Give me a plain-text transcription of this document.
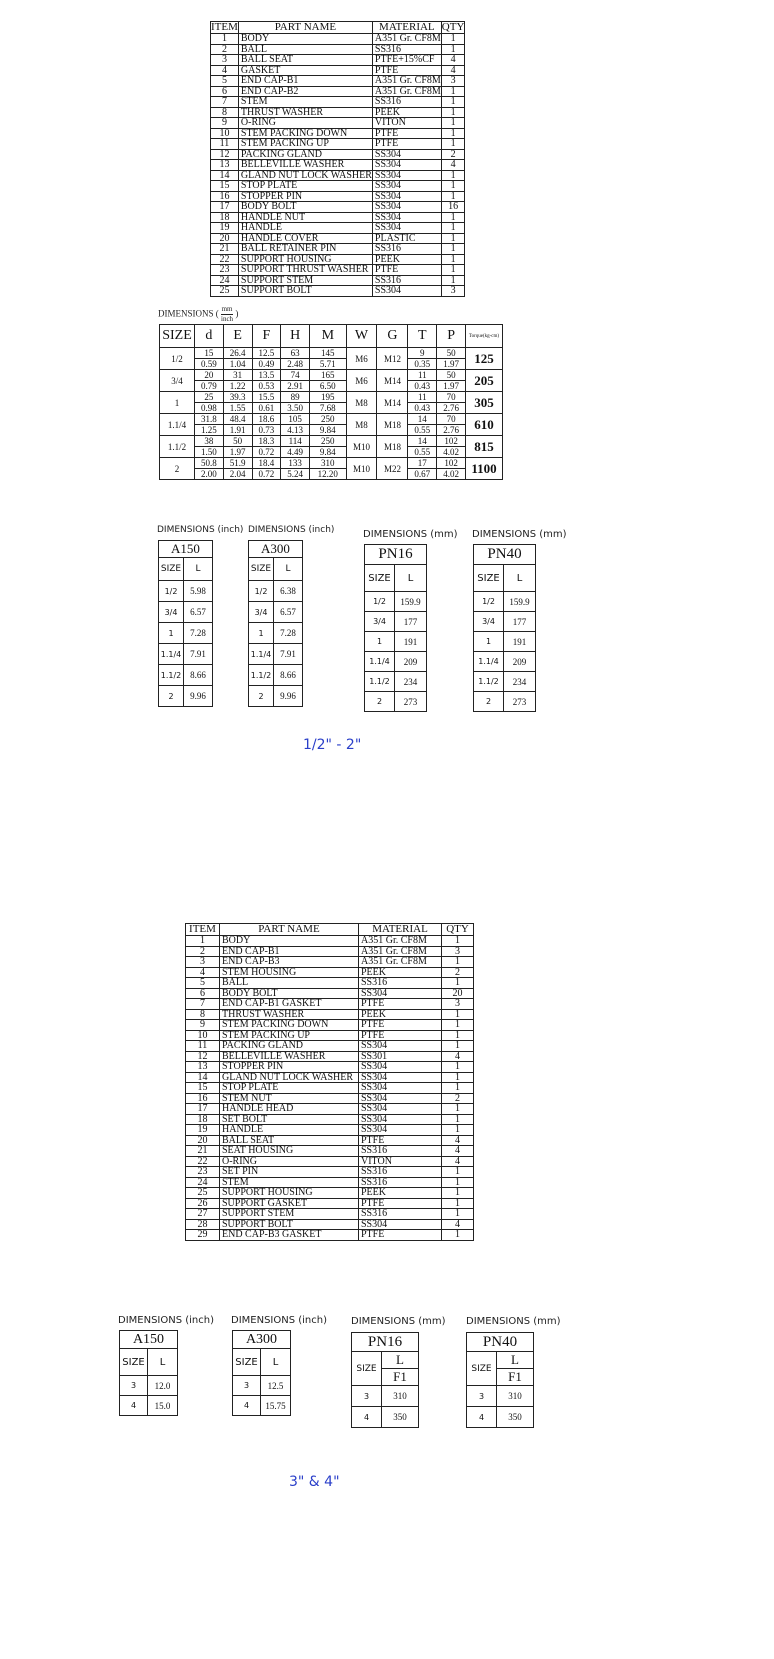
ITEM	PART NAME	MATERIAL	QTY
1	BODY	A351 Gr. CF8M	1
2	BALL	SS316	1
3	BALL SEAT	PTFE+15%CF	4
4	GASKET	PTFE	4
5	END CAP-B1	A351 Gr. CF8M	3
6	END CAP-B2	A351 Gr. CF8M	1
7	STEM	SS316	1
8	THRUST WASHER	PEEK	1
9	O-RING	VITON	1
10	STEM PACKING DOWN	PTFE	1
11	STEM PACKING UP	PTFE	1
12	PACKING GLAND	SS304	2
13	BELLEVILLE WASHER	SS304	4
14	GLAND NUT LOCK WASHER	SS304	1
15	STOP PLATE	SS304	1
16	STOPPER PIN	SS304	1
17	BODY BOLT	SS304	16
18	HANDLE NUT	SS304	1
19	HANDLE	SS304	1
20	HANDLE COVER	PLASTIC	1
21	BALL RETAINER PIN	SS316	1
22	SUPPORT HOUSING	PEEK	1
23	SUPPORT THRUST WASHER	PTFE	1
24	SUPPORT STEM	SS316	1
25	SUPPORT BOLT	SS304	3
DIMENSIONS ( $\frac{mm}{\text{inch}}$ )
SIZE	d	E	F	H	M	W	G	T	P	Torque(kg-cm)
1/2	15	26.4	12.5	63	145	M6	M12	9	50	125
	0.59	1.04	0.49	2.48	5.71			0.35	1.97	
3/4	20	31	13.5	74	165	M6	M14	11	50	205
	0.79	1.22	0.53	2.91	6.50			0.43	1.97	
1	25	39.3	15.5	89	195	M8	M14	11	70	305
	0.98	1.55	0.61	3.50	7.68			0.43	2.76	
1.1/4	31.8	48.4	18.6	105	250	M8	M18	14	70	610
	1.25	1.91	0.73	4.13	9.84			0.55	2.76	
1.1/2	38	50	18.3	114	250	M10	M18	14	102	815
	1.50	1.97	0.72	4.49	9.84			0.55	4.02	
2	50.8	51.9	18.4	133	310	M10	M22	17	102	1100
	2.00	2.04	0.72	5.24	12.20			0.67	4.02	
DIMENSIONS (inch)
A150	
SIZE	L
1/2	5.98
3/4	6.57
1	7.28
1.1/4	7.91
1.1/2	8.66
2	9.96
DIMENSIONS (inch)
A300	
SIZE	L
1/2	6.38
3/4	6.57
1	7.28
1.1/4	7.91
1.1/2	8.66
2	9.96
DIMENSIONS (mm)
PN16	
SIZE	L
1/2	159.9
3/4	177
1	191
1.1/4	209
1.1/2	234
2	273
DIMENSIONS (mm)
PN40	
SIZE	L
1/2	159.9
3/4	177
1	191
1.1/4	209
1.1/2	234
2	273
1/2" - 2"
ITEM	PART NAME	MATERIAL	QTY
1	BODY	A351 Gr. CF8M	1
2	END CAP-B1	A351 Gr. CF8M	3
3	END CAP-B3	A351 Gr. CF8M	1
4	STEM HOUSING	PEEK	2
5	BALL	SS316	1
6	BODY BOLT	SS304	20
7	END CAP-B1 GASKET	PTFE	3
8	THRUST WASHER	PEEK	1
9	STEM PACKING DOWN	PTFE	1
10	STEM PACKING UP	PTFE	1
11	PACKING GLAND	SS304	1
12	BELLEVILLE WASHER	SS301	4
13	STOPPER PIN	SS304	1
14	GLAND NUT LOCK WASHER	SS304	1
15	STOP PLATE	SS304	1
16	STEM NUT	SS304	2
17	HANDLE HEAD	SS304	1
18	SET BOLT	SS304	1
19	HANDLE	SS304	1
20	BALL SEAT	PTFE	4
21	SEAT HOUSING	SS316	4
22	O-RING	VITON	4
23	SET PIN	SS316	1
24	STEM	SS316	1
25	SUPPORT HOUSING	PEEK	1
26	SUPPORT GASKET	PTFE	1
27	SUPPORT STEM	SS316	1
28	SUPPORT BOLT	SS304	4
29	END CAP-B3 GASKET	PTFE	1
DIMENSIONS (inch)
A150	
SIZE	L
3	12.0
4	15.0
DIMENSIONS (inch)
A300	
SIZE	L
3	12.5
4	15.75
DIMENSIONS (mm)
PN16	
SIZE	L
	F1
3	310
4	350
DIMENSIONS (mm)
PN40	
SIZE	L
	F1
3	310
4	350
3" & 4"
